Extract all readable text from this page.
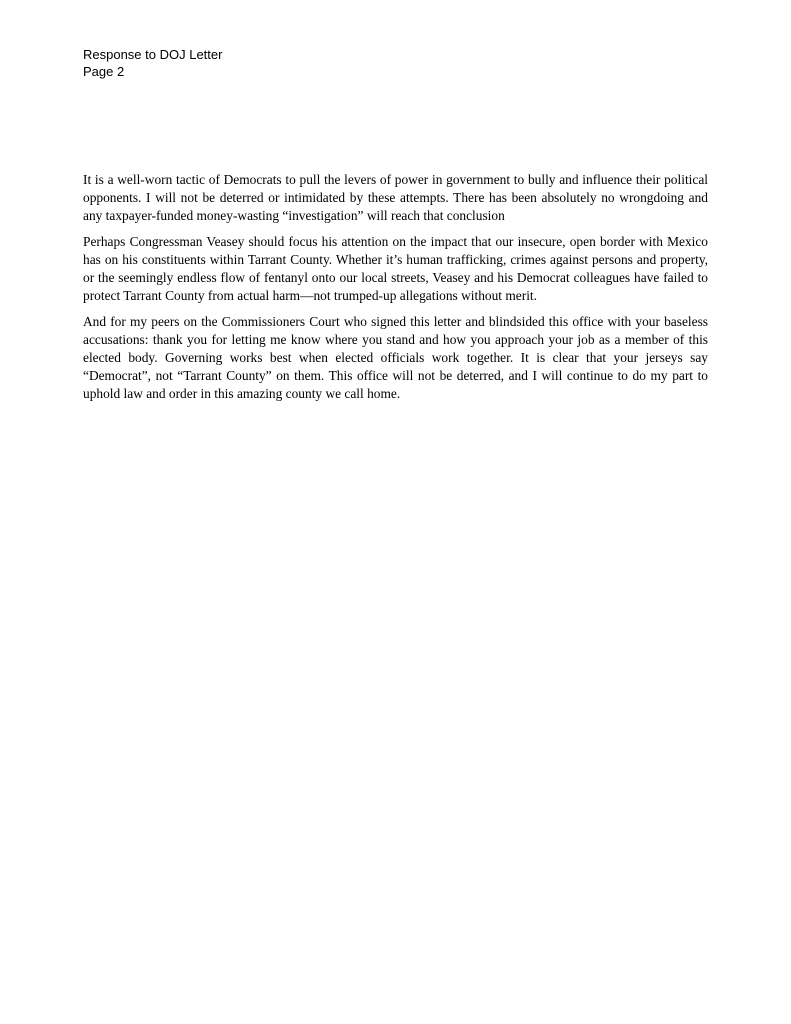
Response to DOJ Letter
Page 2

It is a well-worn tactic of Democrats to pull the levers of power in government to bully and influence their political opponents. I will not be deterred or intimidated by these attempts. There has been absolutely no wrongdoing and any taxpayer-funded money-wasting “investigation” will reach that conclusion

Perhaps Congressman Veasey should focus his attention on the impact that our insecure, open border with Mexico has on his constituents within Tarrant County. Whether it’s human trafficking, crimes against persons and property, or the seemingly endless flow of fentanyl onto our local streets, Veasey and his Democrat colleagues have failed to protect Tarrant County from actual harm—not trumped-up allegations without merit.

And for my peers on the Commissioners Court who signed this letter and blindsided this office with your baseless accusations: thank you for letting me know where you stand and how you approach your job as a member of this elected body. Governing works best when elected officials work together. It is clear that your jerseys say “Democrat”, not “Tarrant County” on them. This office will not be deterred, and I will continue to do my part to uphold law and order in this amazing county we call home.
